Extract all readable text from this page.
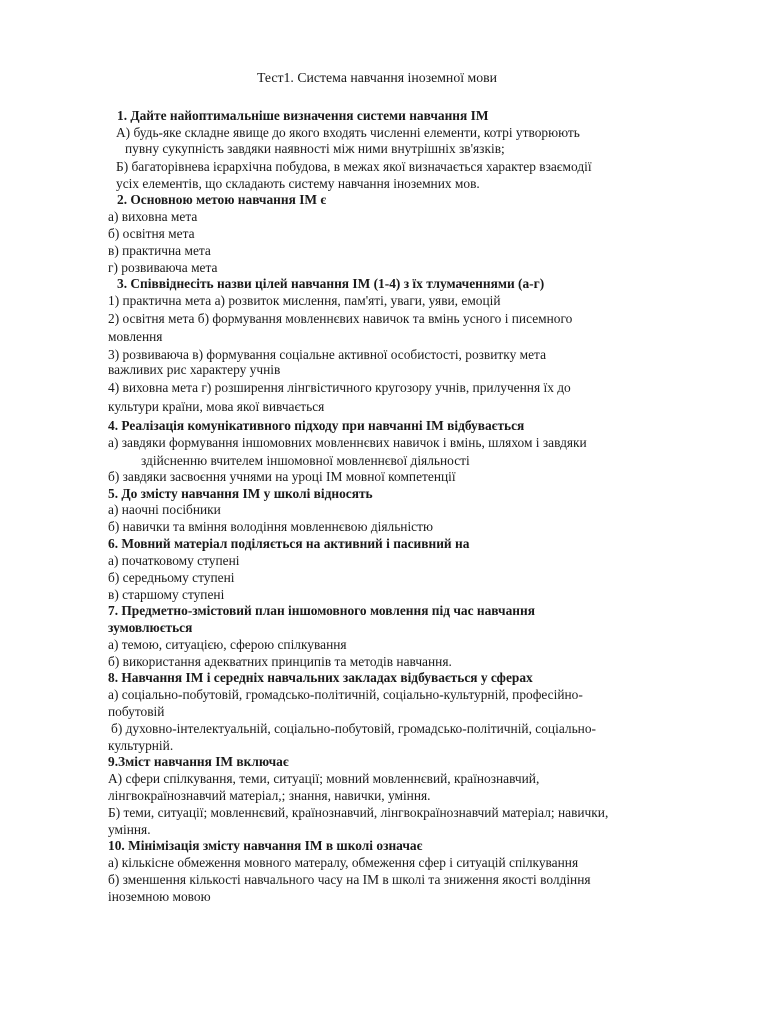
Тест1. Система навчання іноземної мови
1. Дайте найоптимальніше визначення системи навчання ІМ
А) будь-яке складне явище до якого входять численні елементи, котрі утворюють
пувну сукупність завдяки наявності між ними внутрішніх зв'язків;
Б) багаторівнева ієрархічна побудова, в межах якої визначається характер взаємодії
усіх елементів, що складають систему навчання іноземних мов.
2. Основною метою навчання ІМ є
а) виховна мета
б) освітня мета
в) практична мета
г) розвиваюча мета
3. Співвіднесіть назви цілей навчання ІМ (1-4) з їх тлумаченнями (а-г)
1) практична мета а) розвиток мислення, пам'яті, уваги, уяви, емоцій
2) освітня мета б) формування мовленнєвих навичок та вмінь усного і писемного
мовлення
3) розвиваюча в) формування соціальне активної особистості, розвитку мета
важливих рис характеру учнів
4) виховна мета г) розширення лінгвістичного кругозору учнів, прилучення їх до
культури країни, мова якої вивчається
4. Реалізація комунікативного підходу при навчанні ІМ відбувається
а) завдяки формування іншомовних мовленнєвих навичок і вмінь, шляхом і завдяки
здійсненню вчителем іншомовної мовленнєвої діяльності
б) завдяки засвоєння учнями на уроці ІМ мовної компетенції
5. До змісту навчання ІМ у школі відносять
а) наочні посібники
б) навички та вміння володіння мовленнєвою діяльністю
6. Мовний матеріал поділяється на активний і пасивний на
а) початковому ступені
б) середньому ступені
в) старшому ступені
7. Предметно-змістовий план іншомовного мовлення під час навчання
зумовлюється
а) темою, ситуацією, сферою спілкування
б) використання адекватних принципів та методів навчання.
8. Навчання ІМ і середніх навчальних закладах відбувається у сферах
а) соціально-побутовій, громадсько-політичній, соціально-культурній, професійно-
побутовій
б) духовно-інтелектуальній, соціально-побутовій, громадсько-політичній, соціально-
культурній.
9.Зміст навчання ІМ включає
А) сфери спілкування, теми, ситуації; мовний мовленнєвий, країнознавчий,
лінгвокраїнознавчий матеріал,; знання, навички, уміння.
Б) теми, ситуації; мовленнєвий, країнознавчий, лінгвокраїнознавчий матеріал; навички,
уміння.
10. Мінімізація змісту навчання ІМ в школі означає
а) кількісне обмеження мовного матералу, обмеження сфер і ситуацій спілкування
б) зменшення кількості навчального часу на ІМ в школі та зниження якості волдіння
іноземною мовою
